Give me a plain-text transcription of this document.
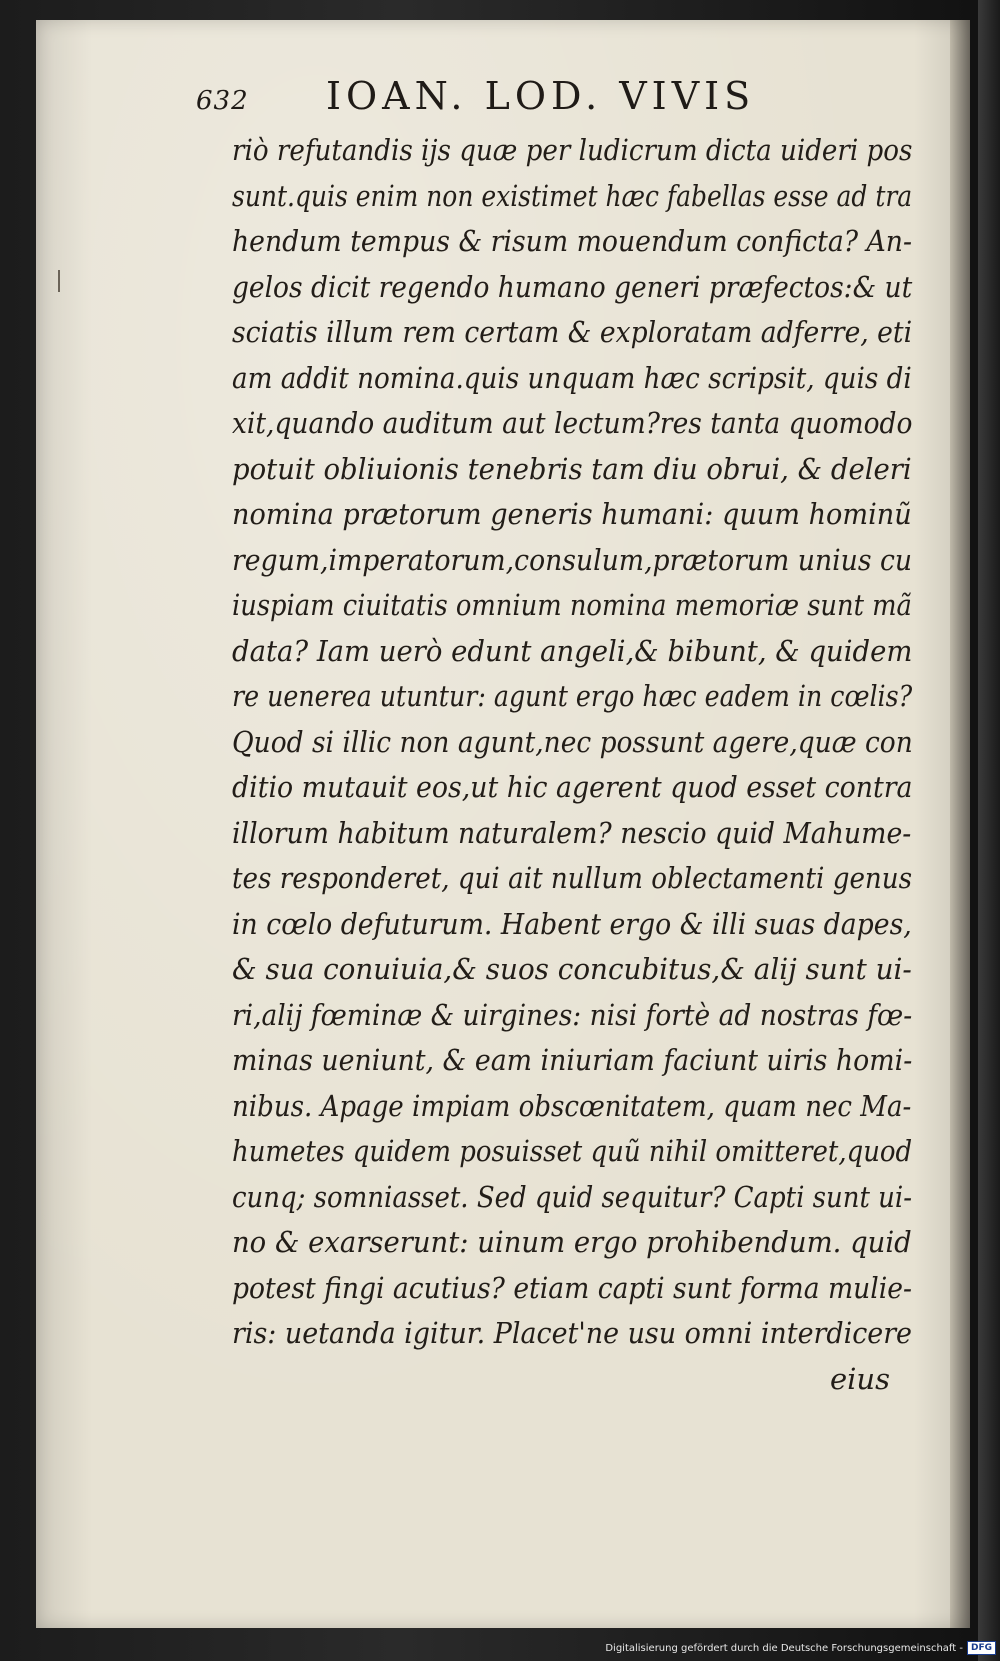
632 IOAN. LOD. VIVIS
riò refutandis ijs quæ per ludicrum dicta uideri pos
sunt.quis enim non existimet hæc fabellas esse ad tra
hendum tempus & risum mouendum conficta? An-
gelos dicit regendo humano generi præfectos:& ut
sciatis illum rem certam & exploratam adferre, eti
am addit nomina.quis unquam hæc scripsit, quis di
xit,quando auditum aut lectum?res tanta quomodo
potuit obliuionis tenebris tam diu obrui, & deleri
nomina prætorum generis humani: quum hominũ
regum,imperatorum,consulum,prætorum unius cu
iuspiam ciuitatis omnium nomina memoriæ sunt mã
data? Iam uerò edunt angeli,& bibunt, & quidem
re uenerea utuntur: agunt ergo hæc eadem in cœlis?
Quod si illic non agunt,nec possunt agere,quæ con
ditio mutauit eos,ut hic agerent quod esset contra
illorum habitum naturalem? nescio quid Mahume-
tes responderet, qui ait nullum oblectamenti genus
in cœlo defuturum. Habent ergo & illi suas dapes,
& sua conuiuia,& suos concubitus,& alij sunt ui-
ri,alij fœminæ & uirgines: nisi fortè ad nostras fœ-
minas ueniunt, & eam iniuriam faciunt uiris homi-
nibus. Apage impiam obscœnitatem, quam nec Ma-
humetes quidem posuisset quũ nihil omitteret,quod
cunq; somniasset. Sed quid sequitur? Capti sunt ui-
no & exarserunt: uinum ergo prohibendum. quid
potest fingi acutius? etiam capti sunt forma mulie-
ris: uetanda igitur. Placet'ne usu omni interdicere
eius
Digitalisierung gefördert durch die Deutsche Forschungsgemeinschaft - DFG
